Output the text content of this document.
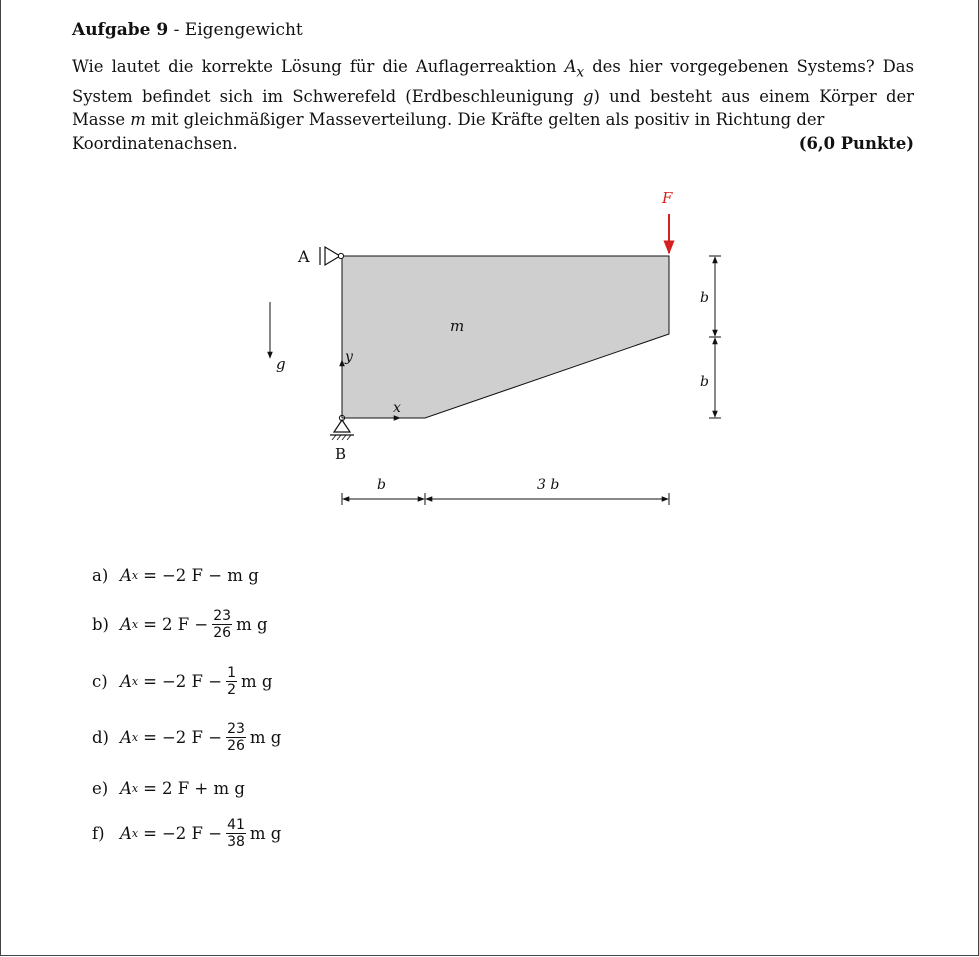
Aufgabe 9 - Eigengewicht
Wie lautet die korrekte Lösung für die Auflagerreaktion $A_x$ des hier vorgegebenen Systems? Das System befindet sich im Schwerefeld (Erdbeschleunigung g) und besteht aus einem Körper der Masse m mit gleichmäßiger Masseverteilung. Die Kräfte gelten als positiv in Richtung der
Koordinatenachsen.	(6,0 Punkte)
A
B
F
m
g	y
x
b	3 b
b
b
a) A x = −2 F − m g
b) A x = 2 $F - \frac{23}{26}$ m g
c) A x = −2 $F - \frac{1}{2}$ m g
d) A x = −2 $F - \frac{23}{26}$ m g
e) A x = 2 F + m g
f) A x = −2 $F - \frac{41}{38}$ m g
